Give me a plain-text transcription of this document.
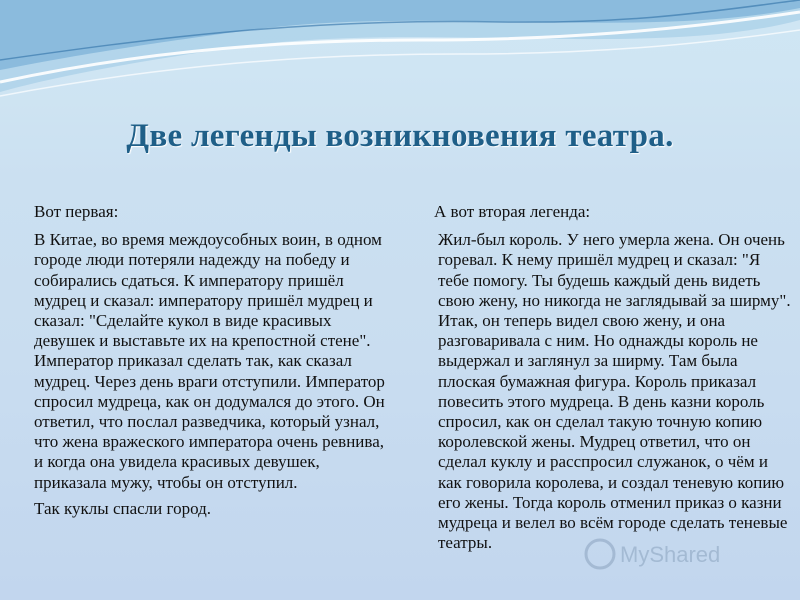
Две легенды возникновения театра.

Вот первая:

В Китае, во время междоусобных воин, в одном городе люди потеряли надежду на победу и собирались сдаться. К императору пришёл мудрец и сказал: императору пришёл мудрец и сказал: "Сделайте кукол в виде красивых девушек и выставьте их на крепостной стене". Император приказал сделать так, как сказал мудрец. Через день враги отступили. Император спросил мудреца, как он додумался до этого. Он ответил, что послал разведчика, который узнал, что жена вражеского императора очень ревнива, и когда она увидела красивых девушек, приказала мужу, чтобы он отступил.

Так куклы спасли город.

А вот вторая легенда:

Жил-был король. У него умерла жена. Он очень горевал. К нему пришёл мудрец и сказал: "Я тебе помогу. Ты будешь каждый день видеть свою жену, но никогда не заглядывай за ширму". Итак, он теперь видел свою жену, и она разговаривала с ним. Но однажды король не выдержал и заглянул за ширму. Там была плоская бумажная фигура. Король приказал повесить этого мудреца. В день казни король спросил, как он сделал такую точную копию королевской жены. Мудрец ответил, что он сделал куклу и расспросил служанок, о чём и как говорила королева, и создал теневую копию его жены. Тогда король отменил приказ о казни мудреца и велел во всём городе сделать теневые театры.	MyShared
